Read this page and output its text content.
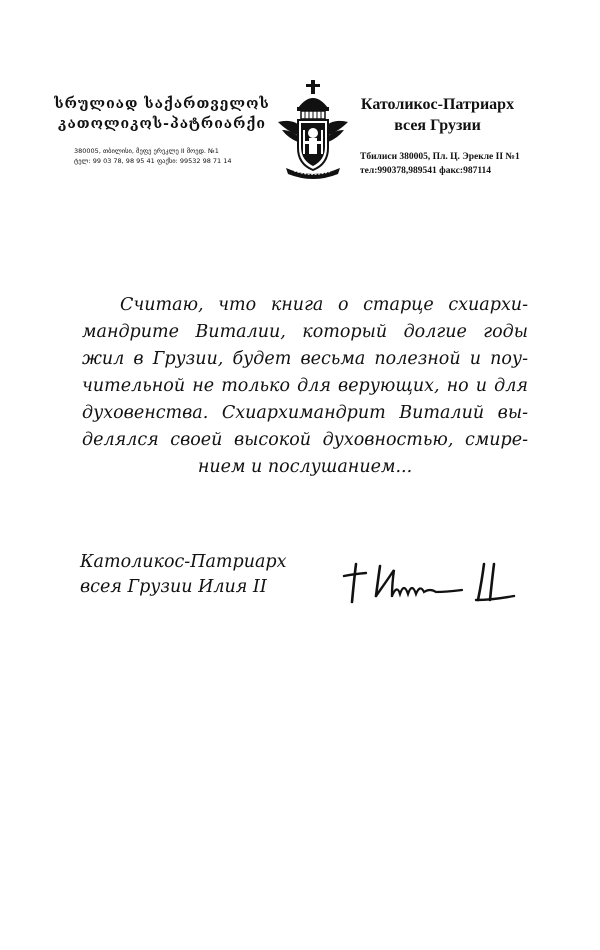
სრულიად საქართველოს
კათოლიკოს-პატრიარქი
380005, თბილისი, მეფე ერეკლე II მოედ. №1
ტელ: 99 03 78, 98 95 41 ფაქსი: 99532 98 71 14
Католикос-Патриарх
всея Грузии
Тбилиси 380005, Пл. Ц. Эрекле II №1
тел:990378,989541 факс:987114
Считаю, что книга о старце схиархи-
мандрите Виталии, который долгие годы
жил в Грузии, будет весьма полезной и поу-
чительной не только для верующих, но и для
духовенства. Схиархимандрит Виталий вы-
делялся своей высокой духовностью, смире-
нием и послушанием...
Католикос-Патриарх
всея Грузии Илия II
